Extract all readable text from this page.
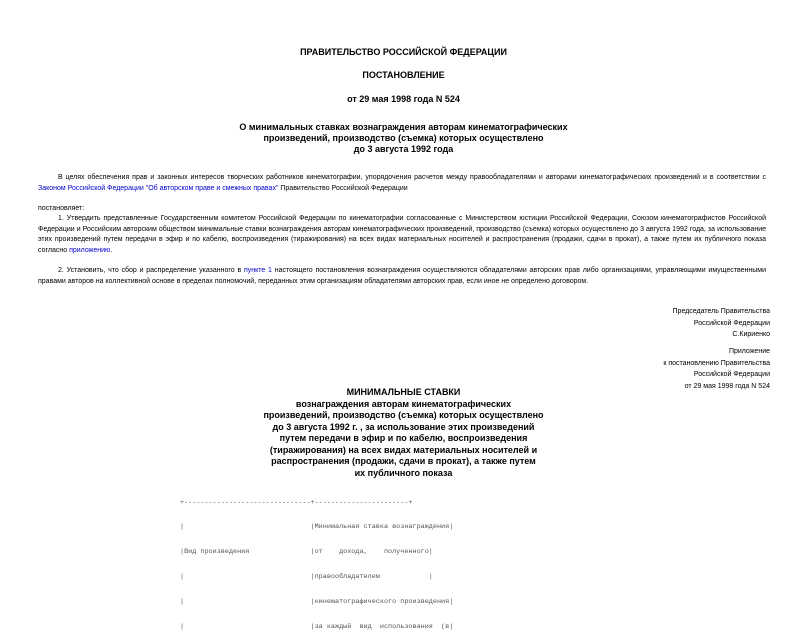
ПРАВИТЕЛЬСТВО РОССИЙСКОЙ ФЕДЕРАЦИИ
ПОСТАНОВЛЕНИЕ
от 29 мая 1998 года N 524
О минимальных ставках вознаграждения авторам кинематографических
произведений, производство (съемка) которых осуществлено
до 3 августа 1992 года
В целях обеспечения прав и законных интересов творческих работников кинематографии, упорядочения расчетов между правообладателями и авторами кинематографических произведений и в соответствии с Законом Российской Федерации "Об авторском праве и смежных правах" Правительство Российской Федерации
постановляет:
1. Утвердить представленные Государственным комитетом Российской Федерации по кинематографии согласованные с Министерством юстиции Российской Федерации, Союзом кинематографистов Российской Федерации и Российским авторским обществом минимальные ставки вознаграждения авторам кинематографических произведений, производство (съемка) которых осуществлено до 3 августа 1992 года, за использование этих произведений путем передачи в эфир и по кабелю, воспроизведения (тиражирования) на всех видах материальных носителей и распространения (продажи, сдачи в прокат), а также путем их публичного показа согласно приложению.
2. Установить, что сбор и распределение указанного в пункте 1 настоящего постановления вознаграждения осуществляются обладателями авторских прав либо организациями, управляющими имущественными правами авторов на коллективной основе в пределах полномочий, переданных этим организациям обладателями авторских прав, если иное не определено договором.
Председатель Правительства
Российской Федерации
С.Кириенко
Приложение
к постановлению Правительства
Российской Федерации
от 29 мая 1998 года N 524
МИНИМАЛЬНЫЕ СТАВКИ
вознаграждения авторам кинематографических
произведений, производство (съемка) которых осуществлено
до 3 августа 1992 г. , за использование этих произведений
путем передачи в эфир и по кабелю, воспроизведения
(тиражирования) на всех видах материальных носителей и
распространения (продажи, сдачи в прокат), а также путем
их публичного показа

+-------------------------------+-----------------------+

|                               |Минимальная ставка вознаграждения|

|Вид произведения               |от    дохода,    полученного|

|                               |правообладателем            |

|                               |кинематографического произведения|

|                               |за каждый  вид  использования  (в|
